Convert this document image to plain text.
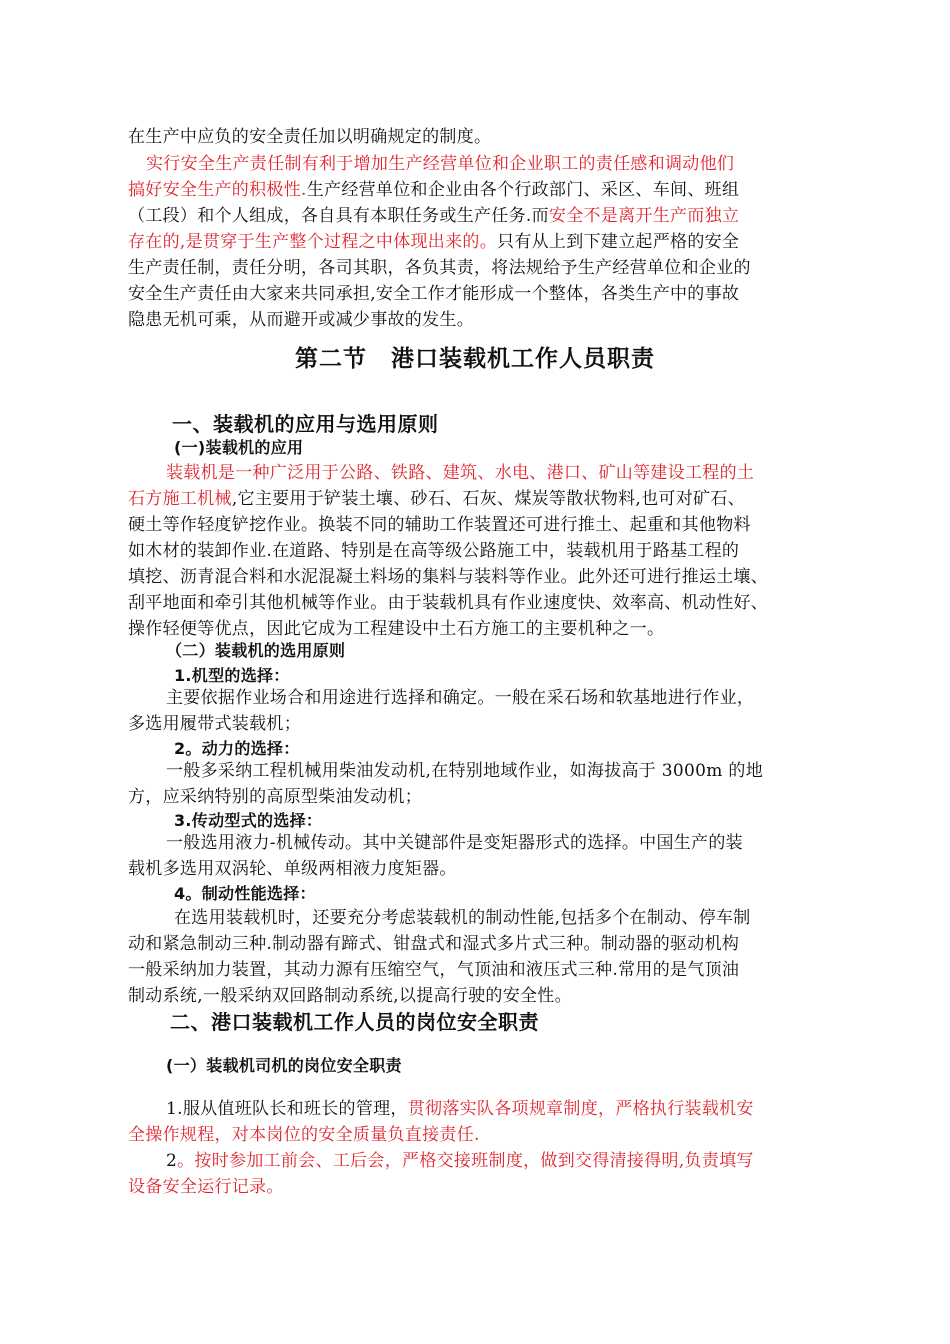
在生产中应负的安全责任加以明确规定的制度。
实行安全生产责任制有利于增加生产经营单位和企业职工的责任感和调动他们
搞好安全生产的积极性.生产经营单位和企业由各个行政部门、采区、车间、班组
（工段）和个人组成，各自具有本职任务或生产任务.而安全不是离开生产而独立
存在的,是贯穿于生产整个过程之中体现出来的。只有从上到下建立起严格的安全
生产责任制，责任分明，各司其职，各负其责，将法规给予生产经营单位和企业的
安全生产责任由大家来共同承担,安全工作才能形成一个整体，各类生产中的事故
隐患无机可乘，从而避开或减少事故的发生。
第二节　港口装载机工作人员职责
一、装载机的应用与选用原则
(一)装载机的应用
装载机是一种广泛用于公路、铁路、建筑、水电、港口、矿山等建设工程的土
石方施工机械,它主要用于铲装土壤、砂石、石灰、煤炭等散状物料,也可对矿石、
硬土等作轻度铲挖作业。换装不同的辅助工作装置还可进行推土、起重和其他物料
如木材的装卸作业.在道路、特别是在高等级公路施工中，装载机用于路基工程的
填挖、沥青混合料和水泥混凝土料场的集料与装料等作业。此外还可进行推运土壤、
刮平地面和牵引其他机械等作业。由于装载机具有作业速度快、效率高、机动性好、
操作轻便等优点，因此它成为工程建设中土石方施工的主要机种之一。
（二）装载机的选用原则
1.机型的选择：
主要依据作业场合和用途进行选择和确定。一般在采石场和软基地进行作业，
多选用履带式装载机；
2。动力的选择：
一般多采纳工程机械用柴油发动机,在特别地域作业，如海拔高于 3000m 的地
方，应采纳特别的高原型柴油发动机；
3.传动型式的选择：
一般选用液力-机械传动。其中关键部件是变矩器形式的选择。中国生产的装
载机多选用双涡轮、单级两相液力度矩器。
4。制动性能选择：
在选用装载机时，还要充分考虑装载机的制动性能,包括多个在制动、停车制
动和紧急制动三种.制动器有蹄式、钳盘式和湿式多片式三种。制动器的驱动机构
一般采纳加力装置，其动力源有压缩空气，气顶油和液压式三种.常用的是气顶油
制动系统,一般采纳双回路制动系统,以提高行驶的安全性。
二、港口装载机工作人员的岗位安全职责
(一）装载机司机的岗位安全职责
1.服从值班队长和班长的管理，贯彻落实队各项规章制度，严格执行装载机安
全操作规程，对本岗位的安全质量负直接责任.
2。按时参加工前会、工后会，严格交接班制度，做到交得清接得明,负责填写
设备安全运行记录。
